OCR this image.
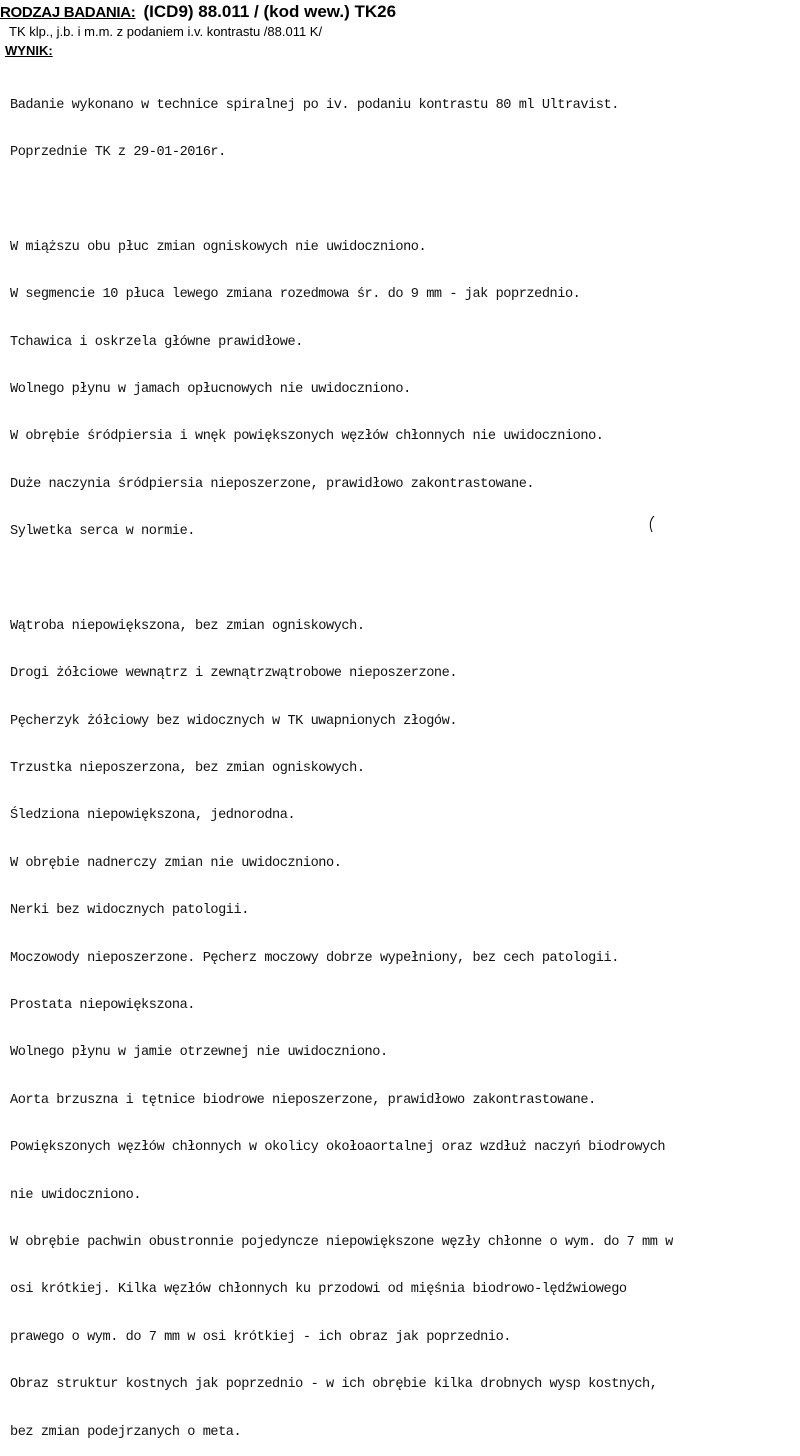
RODZAJ BADANIA: (ICD9) 88.011 / (kod wew.) TK26
TK klp., j.b. i m.m. z podaniem i.v. kontrastu /88.011 K/
WYNIK:

Badanie wykonano w technice spiralnej po iv. podaniu kontrastu 80 ml Ultravist.

Poprzednie TK z 29-01-2016r.

W miąższu obu płuc zmian ogniskowych nie uwidoczniono.

W segmencie 10 płuca lewego zmiana rozedmowa śr. do 9 mm - jak poprzednio.

Tchawica i oskrzela główne prawidłowe.

Wolnego płynu w jamach opłucnowych nie uwidoczniono.

W obrębie śródpiersia i wnęk powiększonych węzłów chłonnych nie uwidoczniono.

Duże naczynia śródpiersia nieposzerzone, prawidłowo zakontrastowane.

Sylwetka serca w normie.

Wątroba niepowiększona, bez zmian ogniskowych.

Drogi żółciowe wewnątrz i zewnątrzwątrobowe nieposzerzone.

Pęcherzyk żółciowy bez widocznych w TK uwapnionych złogów.

Trzustka nieposzerzona, bez zmian ogniskowych.

Śledziona niepowiększona, jednorodna.

W obrębie nadnerczy zmian nie uwidoczniono.

Nerki bez widocznych patologii.

Moczowody nieposzerzone. Pęcherz moczowy dobrze wypełniony, bez cech patologii.

Prostata niepowiększona.

Wolnego płynu w jamie otrzewnej nie uwidoczniono.

Aorta brzuszna i tętnice biodrowe nieposzerzone, prawidłowo zakontrastowane.

Powiększonych węzłów chłonnych w okolicy okołoaortalnej oraz wzdłuż naczyń biodrowych

nie uwidoczniono.

W obrębie pachwin obustronnie pojedyncze niepowiększone węzły chłonne o wym. do 7 mm w

osi krótkiej. Kilka węzłów chłonnych ku przodowi od mięśnia biodrowo-lędźwiowego

prawego o wym. do 7 mm w osi krótkiej - ich obraz jak poprzednio.

Obraz struktur kostnych jak poprzednio - w ich obrębie kilka drobnych wysp kostnych,

bez zmian podejrzanych o meta.
